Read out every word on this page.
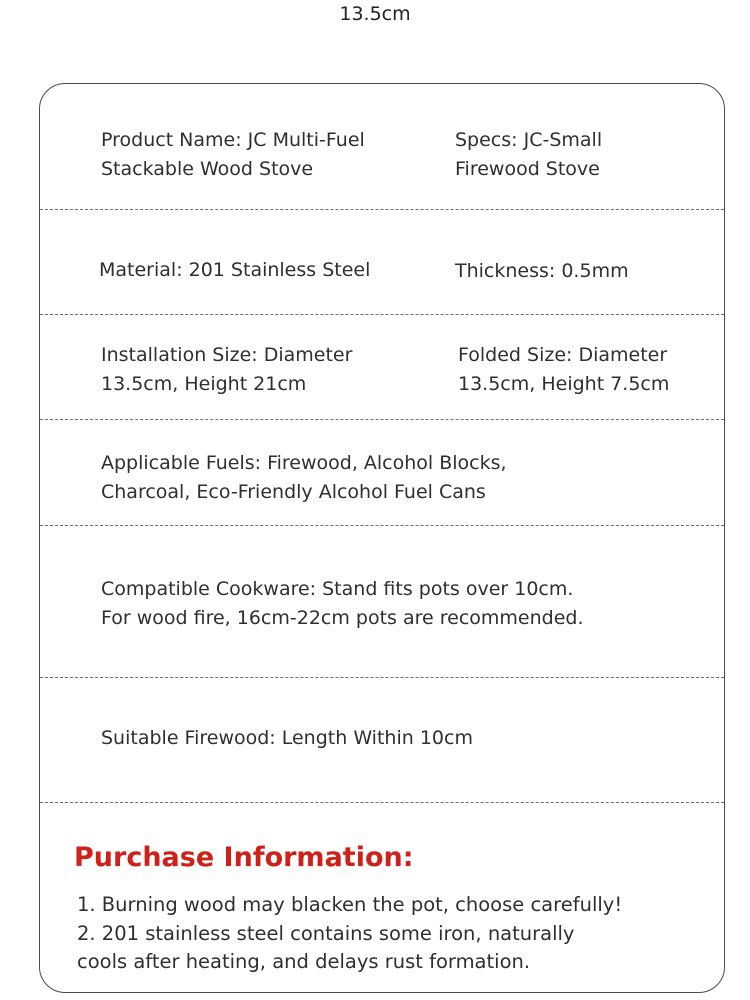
13.5cm
Product Name: JC Multi-Fuel
Stackable Wood Stove
Specs: JC-Small
Firewood Stove
Material: 201 Stainless Steel	Thickness: 0.5mm
Installation Size: Diameter
13.5cm, Height 21cm
Folded Size: Diameter
13.5cm, Height 7.5cm
Applicable Fuels: Firewood, Alcohol Blocks,
Charcoal, Eco-Friendly Alcohol Fuel Cans
Compatible Cookware: Stand fits pots over 10cm.
For wood fire, 16cm-22cm pots are recommended.
Suitable Firewood: Length Within 10cm
Purchase Information:
1. Burning wood may blacken the pot, choose carefully!
2. 201 stainless steel contains some iron, naturally
cools after heating, and delays rust formation.
